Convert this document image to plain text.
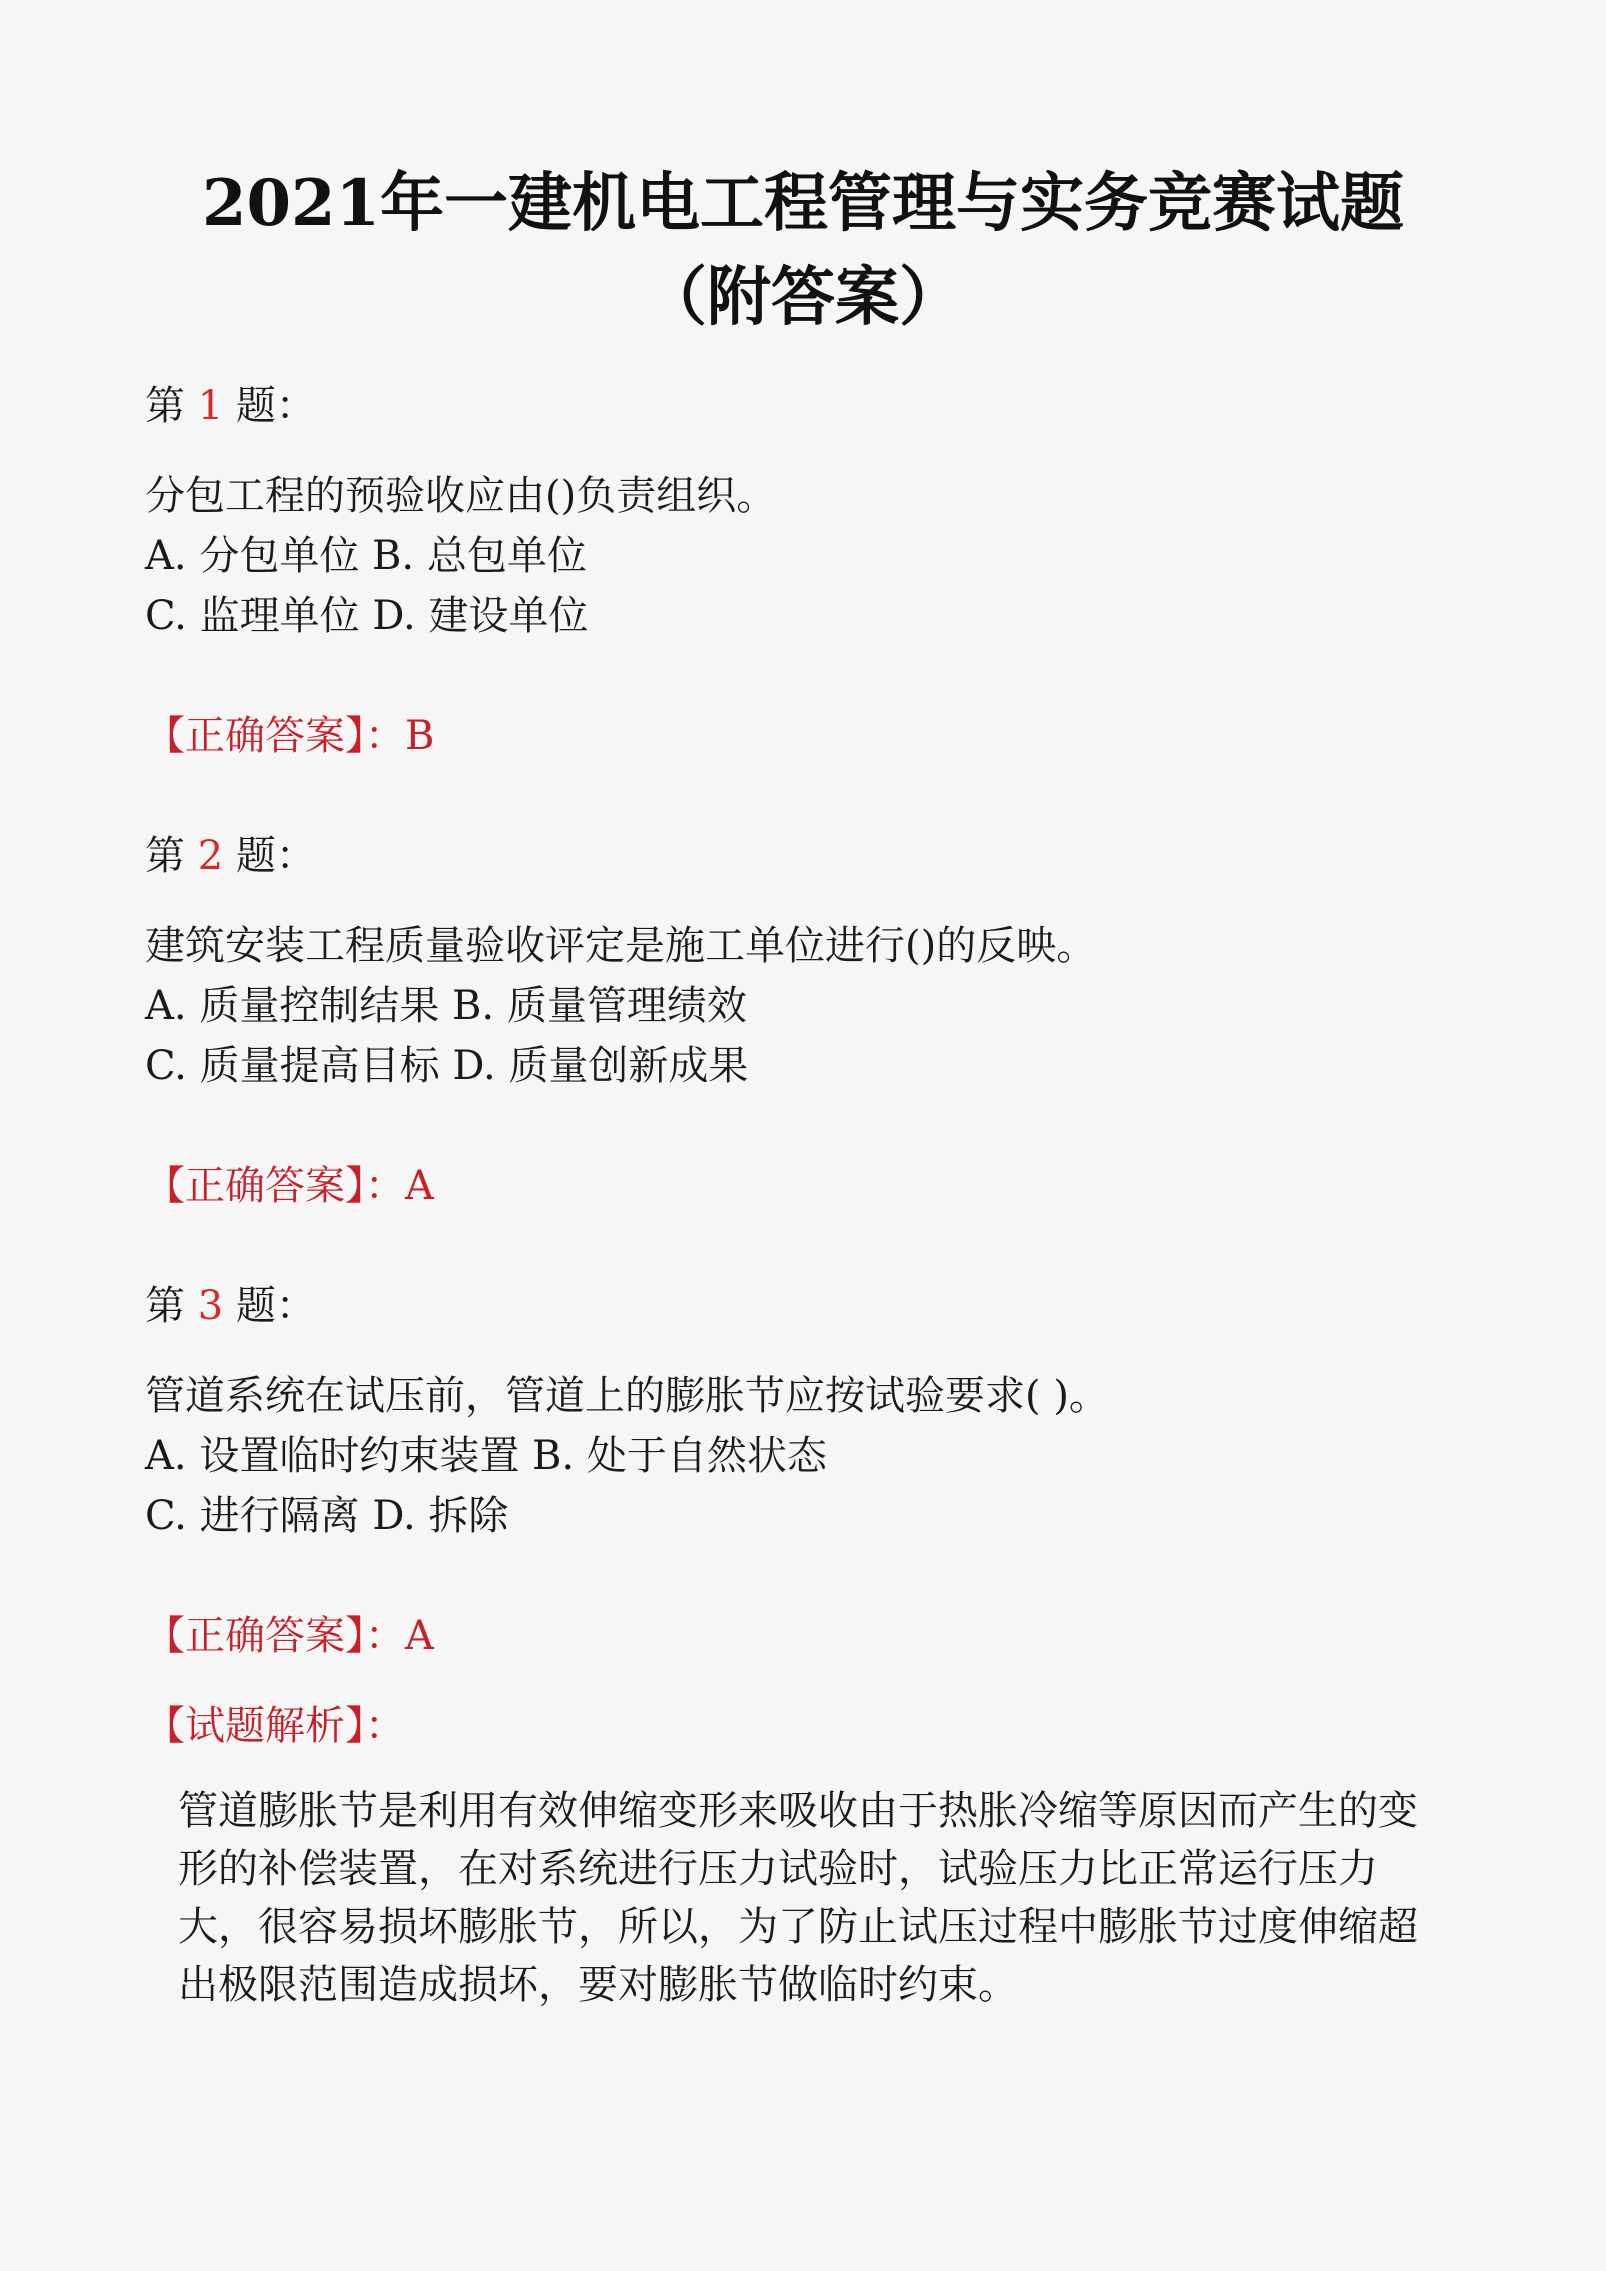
2021年一建机电工程管理与实务竞赛试题
（附答案）
第 1 题：
分包工程的预验收应由()负责组织。
A. 分包单位 B. 总包单位
C. 监理单位 D. 建设单位
【正确答案】：B
第 2 题：
建筑安装工程质量验收评定是施工单位进行()的反映。
A. 质量控制结果 B. 质量管理绩效
C. 质量提高目标 D. 质量创新成果
【正确答案】：A
第 3 题：
管道系统在试压前，管道上的膨胀节应按试验要求( )。
A. 设置临时约束装置 B. 处于自然状态
C. 进行隔离 D. 拆除
【正确答案】：A
【试题解析】：
管道膨胀节是利用有效伸缩变形来吸收由于热胀冷缩等原因而产生的变形的补偿装置，在对系统进行压力试验时，试验压力比正常运行压力大，很容易损坏膨胀节，所以，为了防止试压过程中膨胀节过度伸缩超出极限范围造成损坏，要对膨胀节做临时约束。
